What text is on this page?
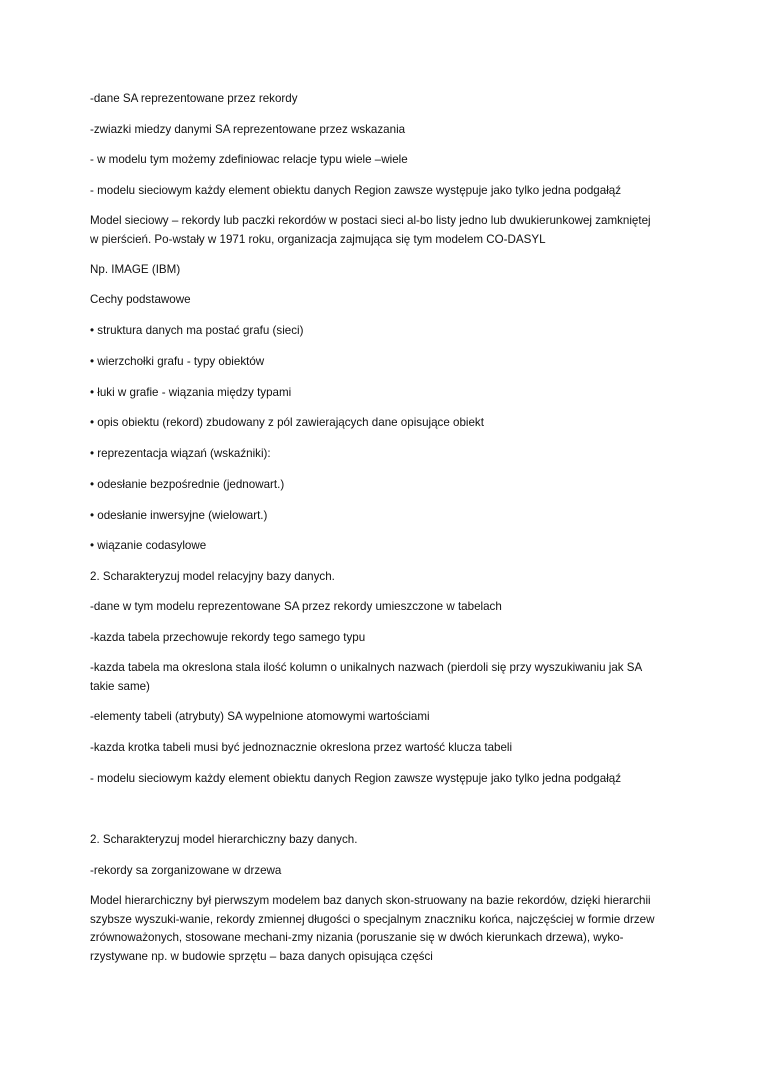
-dane SA reprezentowane przez rekordy
-zwiazki miedzy danymi SA reprezentowane przez wskazania
- w modelu tym możemy zdefiniowac relacje typu wiele –wiele
- modelu sieciowym każdy element obiektu danych Region zawsze występuje jako tylko jedna podgałąź
Model sieciowy – rekordy lub paczki rekordów w postaci sieci al-bo listy jedno lub dwukierunkowej zamkniętej
w pierścień. Po-wstały w 1971 roku, organizacja zajmująca się tym modelem CO-DASYL
Np. IMAGE (IBM)
Cechy podstawowe
• struktura danych ma postać grafu (sieci)
• wierzchołki grafu - typy obiektów
• łuki w grafie - wiązania między typami
• opis obiektu (rekord) zbudowany z pól zawierających dane opisujące obiekt
• reprezentacja wiązań (wskaźniki):
• odesłanie bezpośrednie (jednowart.)
• odesłanie inwersyjne (wielowart.)
• wiązanie codasylowe
2. Scharakteryzuj model relacyjny bazy danych.
-dane w tym modelu reprezentowane SA przez rekordy umieszczone w tabelach
-kazda tabela przechowuje rekordy tego samego typu
-kazda tabela ma okreslona stala ilość kolumn o unikalnych nazwach (pierdoli się przy wyszukiwaniu jak SA
takie same)
-elementy tabeli (atrybuty) SA wypelnione atomowymi wartościami
-kazda krotka tabeli musi być jednoznacznie okreslona przez wartość klucza tabeli
- modelu sieciowym każdy element obiektu danych Region zawsze występuje jako tylko jedna podgałąź
2. Scharakteryzuj model hierarchiczny bazy danych.
-rekordy sa zorganizowane w drzewa
Model hierarchiczny był pierwszym modelem baz danych skon-struowany na bazie rekordów, dzięki hierarchii
szybsze wyszuki-wanie, rekordy zmiennej długości o specjalnym znaczniku końca, najczęściej w formie drzew
zrównoważonych, stosowane mechani-zmy nizania (poruszanie się w dwóch kierunkach drzewa), wyko-
rzystywane np. w budowie sprzętu – baza danych opisująca części
